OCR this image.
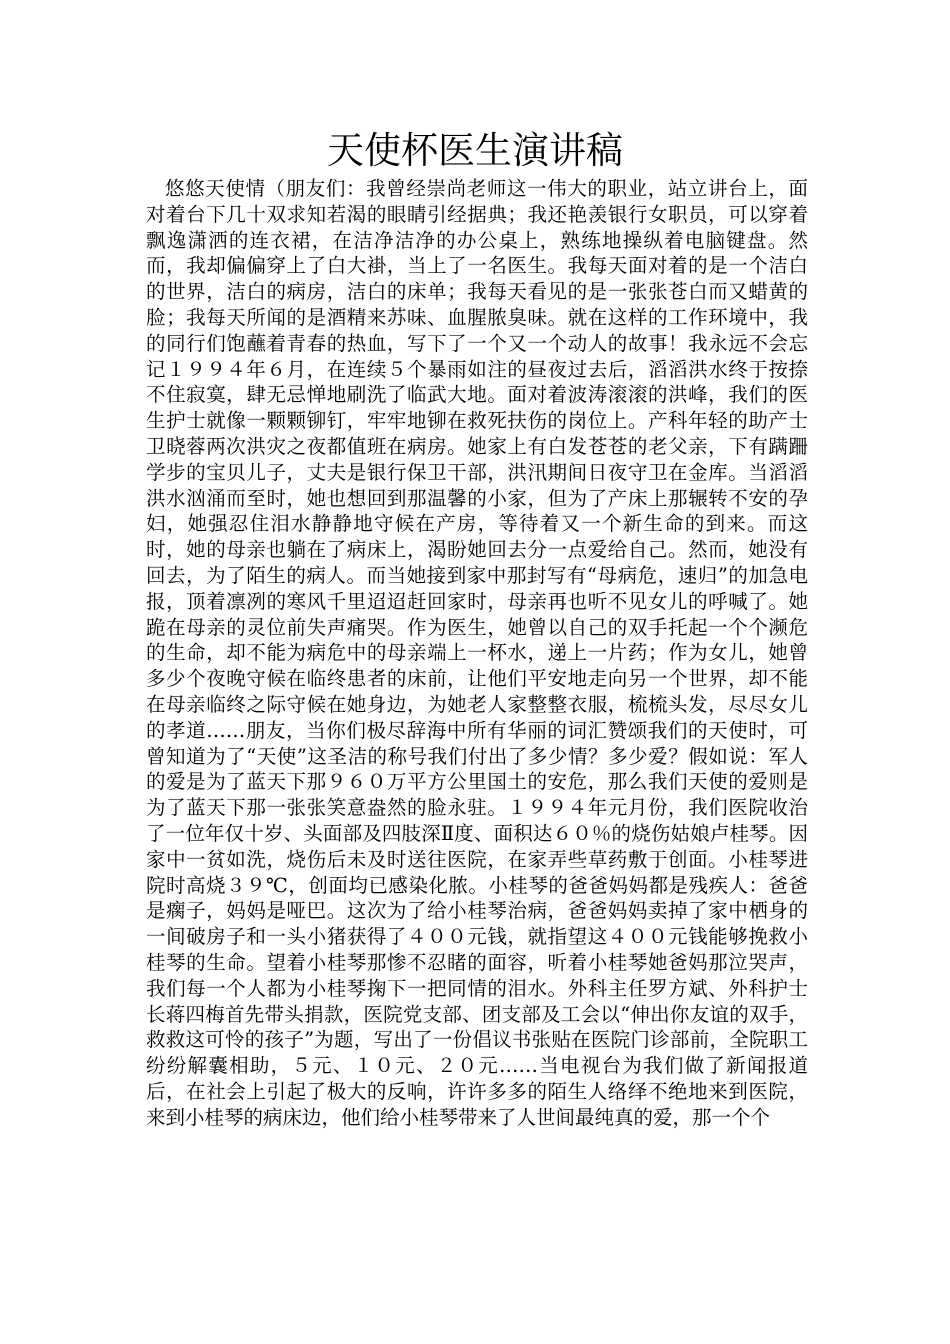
天使杯医生演讲稿

悠悠天使情（朋友们：我曾经崇尚老师这一伟大的职业，站立讲台上，面对着台下几十双求知若渴的眼睛引经据典；我还艳羡银行女职员，可以穿着飘逸潇洒的连衣裙，在洁净洁净的办公桌上，熟练地操纵着电脑键盘。然而，我却偏偏穿上了白大褂，当上了一名医生。我每天面对着的是一个洁白的世界，洁白的病房，洁白的床单；我每天看见的是一张张苍白而又蜡黄的脸；我每天所闻的是酒精来苏味、血腥脓臭味。就在这样的工作环境中，我的同行们饱蘸着青春的热血，写下了一个又一个动人的故事！我永远不会忘记１９９４年６月，在连续５个暴雨如注的昼夜过去后，滔滔洪水终于按捺不住寂寞，肆无忌惮地刷洗了临武大地。面对着波涛滚滚的洪峰，我们的医生护士就像一颗颗铆钉，牢牢地铆在救死扶伤的岗位上。产科年轻的助产士卫晓蓉两次洪灾之夜都值班在病房。她家上有白发苍苍的老父亲，下有蹒跚学步的宝贝儿子，丈夫是银行保卫干部，洪汛期间日夜守卫在金库。当滔滔洪水汹涌而至时，她也想回到那温馨的小家，但为了产床上那辗转不安的孕妇，她强忍住泪水静静地守候在产房，等待着又一个新生命的到来。而这时，她的母亲也躺在了病床上，渴盼她回去分一点爱给自己。然而，她没有回去，为了陌生的病人。而当她接到家中那封写有“母病危，速归”的加急电报，顶着凛冽的寒风千里迢迢赶回家时，母亲再也听不见女儿的呼喊了。她跪在母亲的灵位前失声痛哭。作为医生，她曾以自己的双手托起一个个濒危的生命，却不能为病危中的母亲端上一杯水，递上一片药；作为女儿，她曾多少个夜晚守候在临终患者的床前，让他们平安地走向另一个世界，却不能在母亲临终之际守候在她身边，为她老人家整整衣服，梳梳头发，尽尽女儿的孝道……朋友，当你们极尽辞海中所有华丽的词汇赞颂我们的天使时，可曾知道为了“天使”这圣洁的称号我们付出了多少情？多少爱？假如说：军人的爱是为了蓝天下那９６０万平方公里国土的安危，那么我们天使的爱则是为了蓝天下那一张张笑意盎然的脸永驻。１９９４年元月份，我们医院收治了一位年仅十岁、头面部及四肢深Ⅱ度、面积达６０％的烧伤姑娘卢桂琴。因家中一贫如洗，烧伤后未及时送往医院，在家弄些草药敷于创面。小桂琴进院时高烧３９℃，创面均已感染化脓。小桂琴的爸爸妈妈都是残疾人：爸爸是瘸子，妈妈是哑巴。这次为了给小桂琴治病，爸爸妈妈卖掉了家中栖身的一间破房子和一头小猪获得了４００元钱，就指望这４００元钱能够挽救小桂琴的生命。望着小桂琴那惨不忍睹的面容，听着小桂琴她爸妈那泣哭声，我们每一个人都为小桂琴掬下一把同情的泪水。外科主任罗方斌、外科护士长蒋四梅首先带头捐款，医院党支部、团支部及工会以“伸出你友谊的双手，救救这可怜的孩子”为题，写出了一份倡议书张贴在医院门诊部前，全院职工纷纷解囊相助，５元、１０元、２０元……当电视台为我们做了新闻报道后，在社会上引起了极大的反响，许许多多的陌生人络绎不绝地来到医院，来到小桂琴的病床边，他们给小桂琴带来了人世间最纯真的爱，那一个个
